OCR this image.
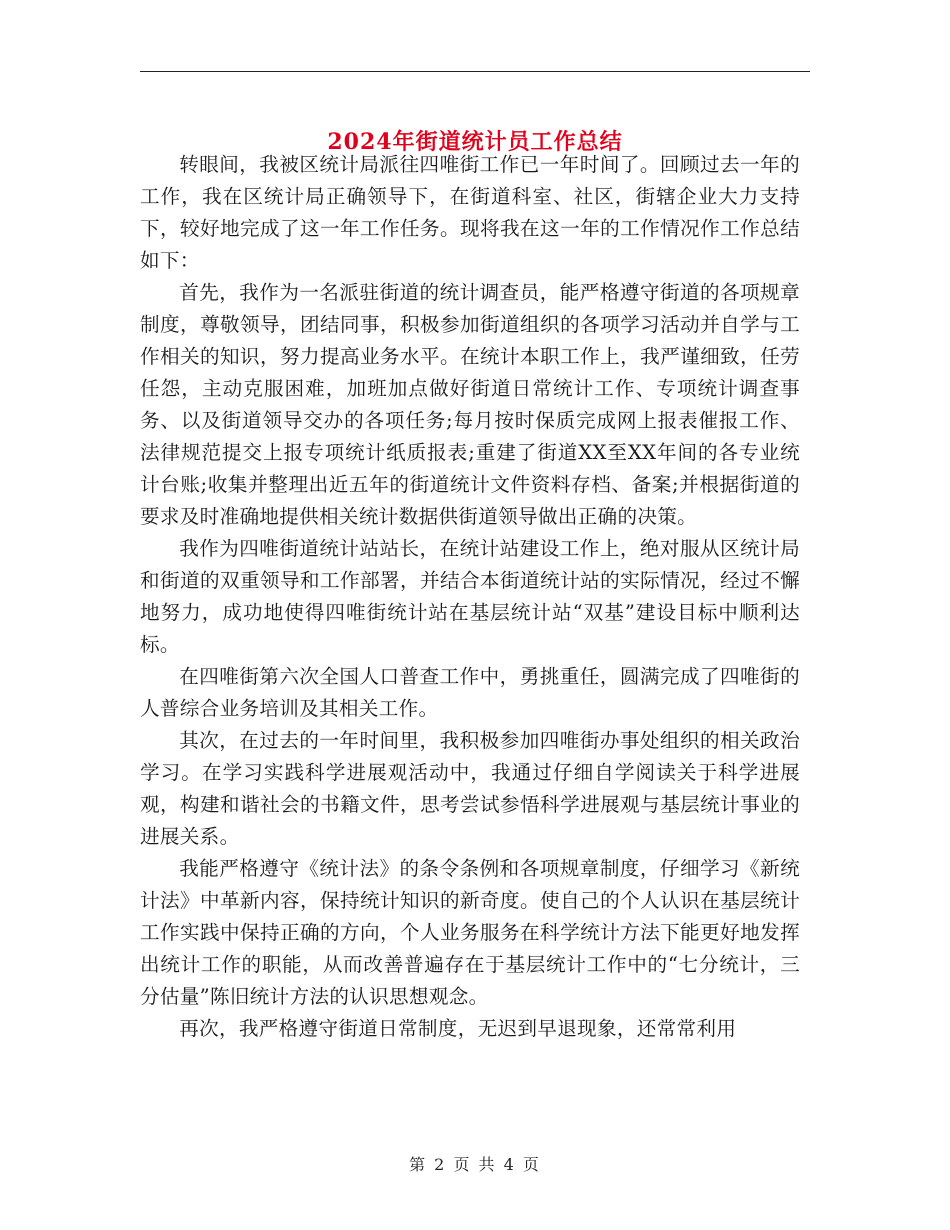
2024年街道统计员工作总结

转眼间，我被区统计局派往四唯街工作已一年时间了。回顾过去一年的工作，我在区统计局正确领导下，在街道科室、社区，街辖企业大力支持下，较好地完成了这一年工作任务。现将我在这一年的工作情况作工作总结如下：

首先，我作为一名派驻街道的统计调查员，能严格遵守街道的各项规章制度，尊敬领导，团结同事，积极参加街道组织的各项学习活动并自学与工作相关的知识，努力提高业务水平。在统计本职工作上，我严谨细致，任劳任怨，主动克服困难，加班加点做好街道日常统计工作、专项统计调查事务、以及街道领导交办的各项任务;每月按时保质完成网上报表催报工作、法律规范提交上报专项统计纸质报表;重建了街道XX至XX年间的各专业统计台账;收集并整理出近五年的街道统计文件资料存档、备案;并根据街道的要求及时准确地提供相关统计数据供街道领导做出正确的决策。

我作为四唯街道统计站站长，在统计站建设工作上，绝对服从区统计局和街道的双重领导和工作部署，并结合本街道统计站的实际情况，经过不懈地努力，成功地使得四唯街统计站在基层统计站“双基”建设目标中顺利达标。

在四唯街第六次全国人口普查工作中，勇挑重任，圆满完成了四唯街的人普综合业务培训及其相关工作。

其次，在过去的一年时间里，我积极参加四唯街办事处组织的相关政治学习。在学习实践科学进展观活动中，我通过仔细自学阅读关于科学进展观，构建和谐社会的书籍文件，思考尝试参悟科学进展观与基层统计事业的进展关系。

我能严格遵守《统计法》的条令条例和各项规章制度，仔细学习《新统计法》中革新内容，保持统计知识的新奇度。使自己的个人认识在基层统计工作实践中保持正确的方向，个人业务服务在科学统计方法下能更好地发挥出统计工作的职能，从而改善普遍存在于基层统计工作中的“七分统计，三分估量”陈旧统计方法的认识思想观念。

再次，我严格遵守街道日常制度，无迟到早退现象，还常常利用

第 2 页 共 4 页
